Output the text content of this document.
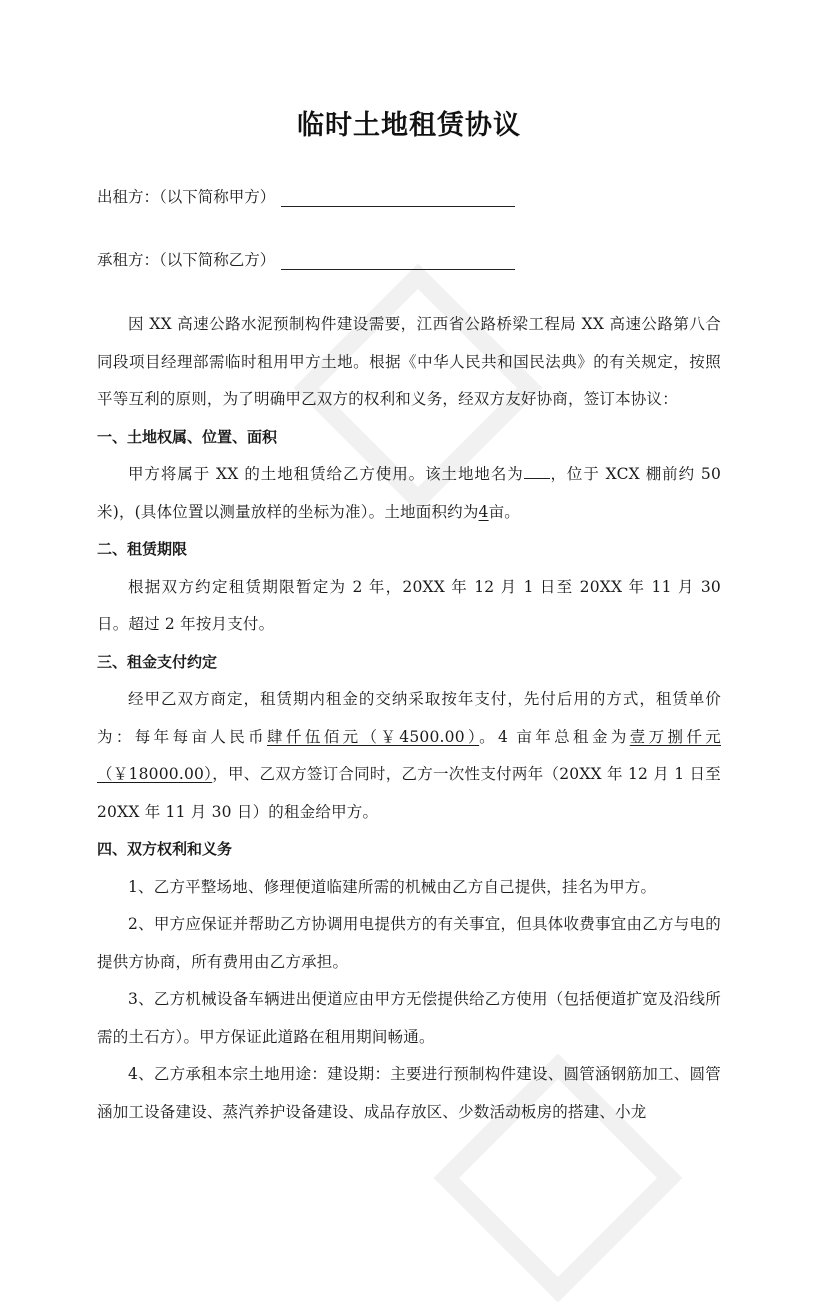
临时土地租赁协议
出租方：（以下简称甲方）
承租方：（以下简称乙方）

因 XX 高速公路水泥预制构件建设需要，江西省公路桥梁工程局 XX 高速公路第八合同段项目经理部需临时租用甲方土地。根据《中华人民共和国民法典》的有关规定，按照平等互利的原则，为了明确甲乙双方的权利和义务，经双方友好协商，签订本协议：

一、土地权属、位置、面积

甲方将属于 XX 的土地租赁给乙方使用。该土地地名为 ，位于 XCX 棚前约 50 米)，(具体位置以测量放样的坐标为准）。土地面积约为4亩。

二、租赁期限

根据双方约定租赁期限暂定为 2 年，20XX 年 12 月 1 日至 20XX 年 11 月 30 日。超过 2 年按月支付。

三、租金支付约定

经甲乙双方商定，租赁期内租金的交纳采取按年支付，先付后用的方式，租赁单价为：每年每亩人民币肆仟伍佰元（￥4500.00）。4 亩年总租金为壹万捌仟元（￥18000.00），甲、乙双方签订合同时，乙方一次性支付两年（20XX 年 12 月 1 日至 20XX 年 11 月 30 日）的租金给甲方。

四、双方权利和义务

1、乙方平整场地、修理便道临建所需的机械由乙方自己提供，挂名为甲方。

2、甲方应保证并帮助乙方协调用电提供方的有关事宜，但具体收费事宜由乙方与电的提供方协商，所有费用由乙方承担。

3、乙方机械设备车辆进出便道应由甲方无偿提供给乙方使用（包括便道扩宽及沿线所需的土石方）。甲方保证此道路在租用期间畅通。

4、乙方承租本宗土地用途：建设期：主要进行预制构件建设、圆管涵钢筋加工、圆管涵加工设备建设、蒸汽养护设备建设、成品存放区、少数活动板房的搭建、小龙
